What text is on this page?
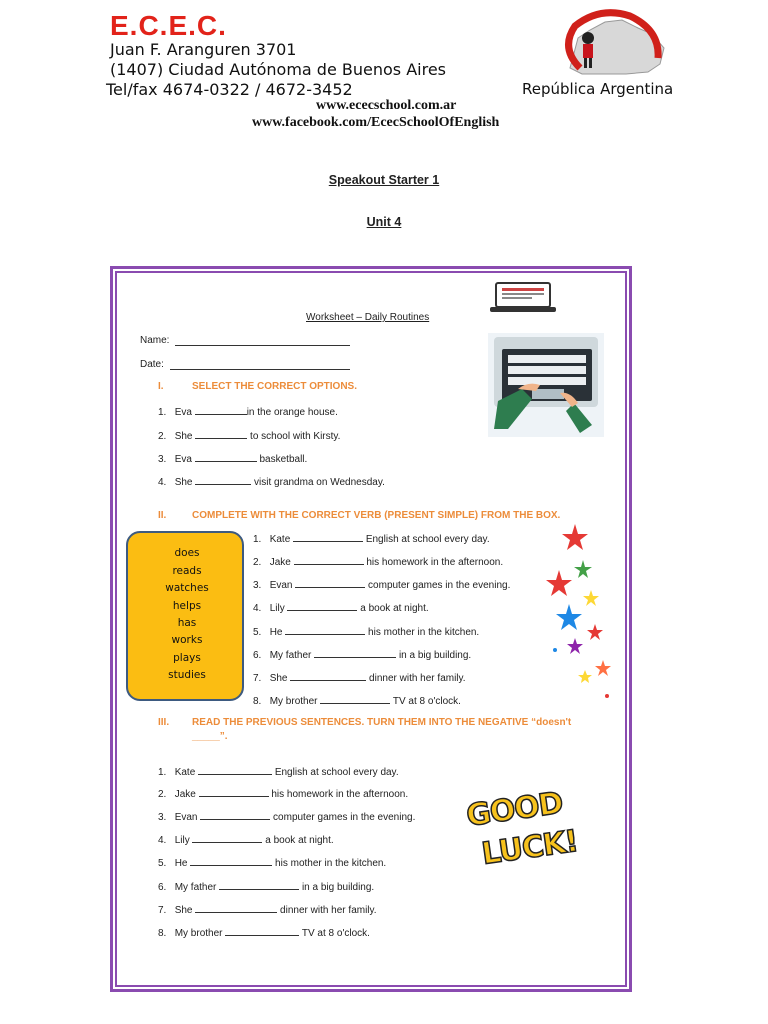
E.C.E.C.
Juan F. Aranguren 3701
(1407) Ciudad Autónoma de Buenos Aires
Tel/fax 4674-0322 / 4672-3452
www.ececschool.com.ar
www.facebook.com/EcecSchoolOfEnglish
República Argentina
Speakout Starter 1
Unit 4
Worksheet – Daily Routines
Name:
Date:
I.	SELECT THE CORRECT OPTIONS.
1. Eva	in the orange house.
2. She	to school with Kirsty.
3. Eva	basketball.
4. She	visit grandma on Wednesday.
II.	COMPLETE WITH THE CORRECT VERB (PRESENT SIMPLE) FROM THE BOX.
does
reads
watches
helps
has
works
plays
studies
1. Kate	English at school every day.
2. Jake	his homework in the afternoon.
3. Evan	computer games in the evening.
4. Lily	a book at night.
5. He	his mother in the kitchen.
6. My father	in a big building.
7. She	dinner with her family.
8. My brother	TV at 8 o'clock.
III. READ THE PREVIOUS SENTENCES. TURN THEM INTO THE NEGATIVE “doesn't
_____”.
1. Kate	English at school every day.
2. Jake	his homework in the afternoon.
3. Evan	computer games in the evening.
4. Lily	a book at night.
5. He	his mother in the kitchen.
6. My father	in a big building.
7. She	dinner with her family.
8. My brother	TV at 8 o'clock.
GOOD
LUCK!
